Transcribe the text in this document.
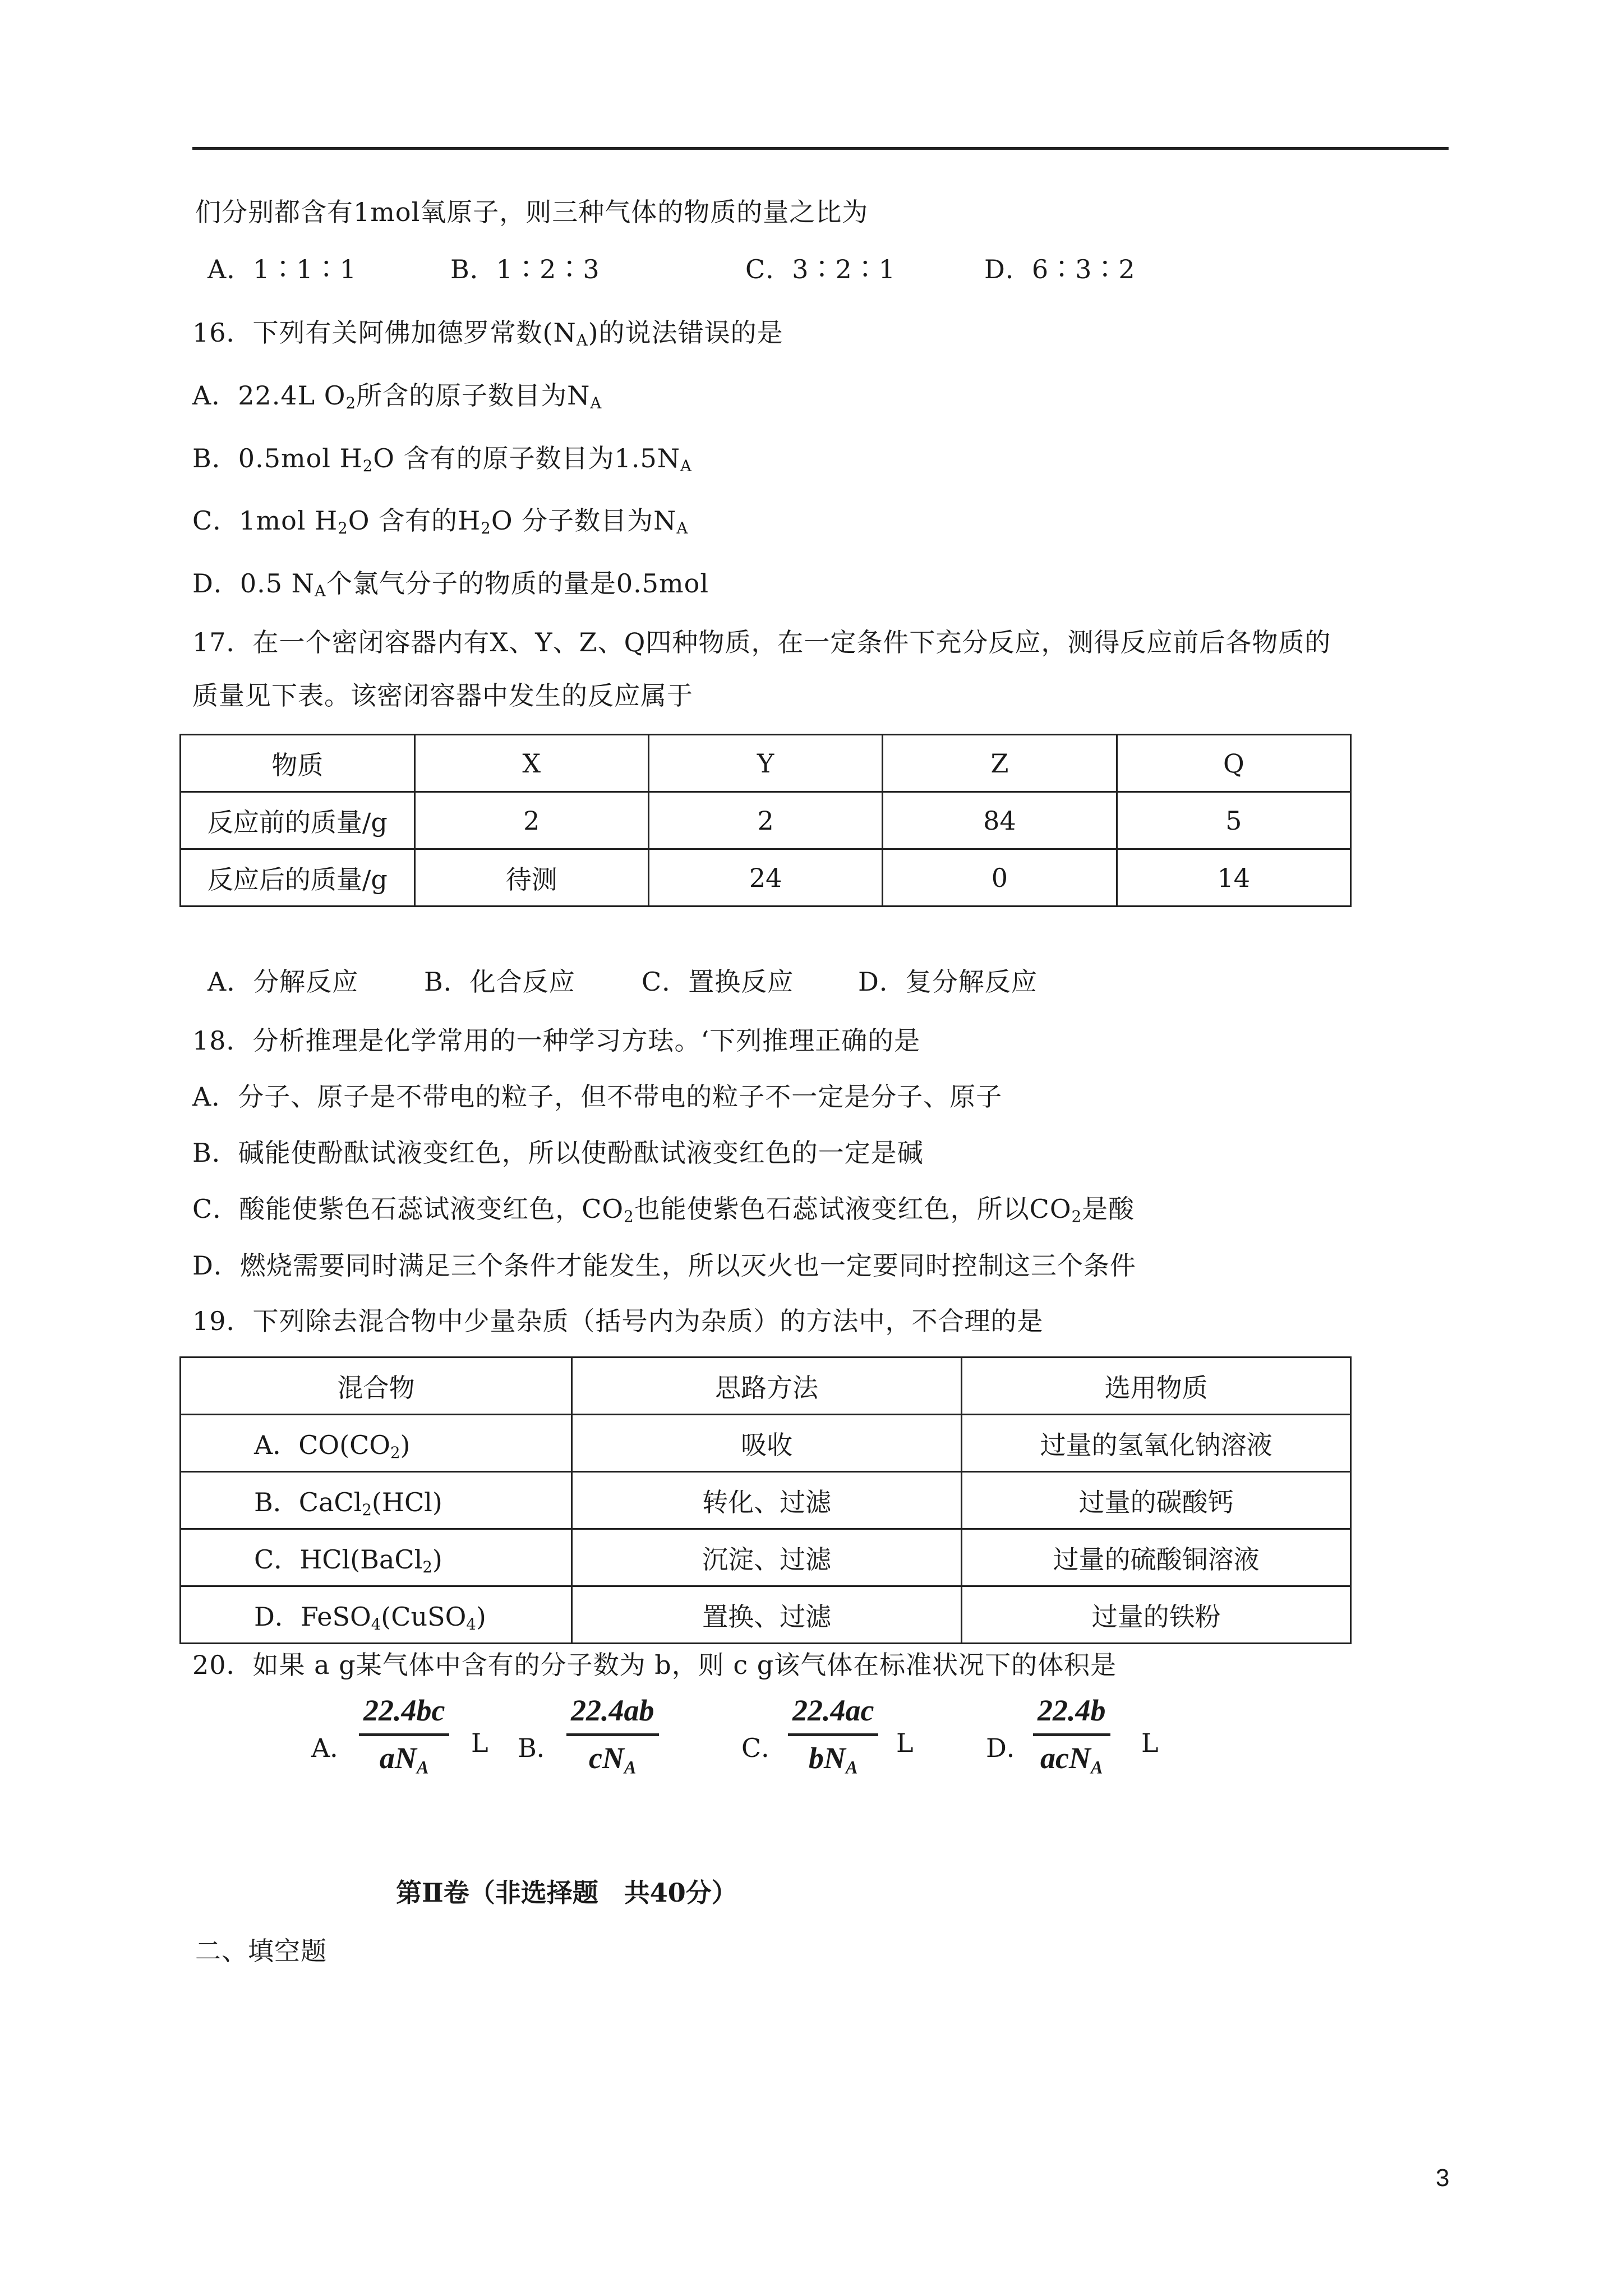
们分别都含有1mol氧原子，则三种气体的物质的量之比为
A．1∶1∶1	B．1∶2∶3	C．3∶2∶1	D．6∶3∶2
16．下列有关阿佛加德罗常数$(N_A)$的说法错误的是
A．22.4L $O_2$所含的原子数目为$N_A$
B．0.5mol $H_2O$ 含有的原子数目为$1.5N_A$
C．1mol $H_2O$ 含有的$H_2O$ 分子数目为$N_A$
D．0.5 $N_A$个氯气分子的物质的量是0.5mol
17．在一个密闭容器内有X、Y、Z、Q四种物质，在一定条件下充分反应，测得反应前后各物质的
质量见下表。该密闭容器中发生的反应属于
物质	X	Y	Z	Q
反应前的质量/g	2	2	84	5
反应后的质量/g	待测	24	0	14
A．分解反应	B．化合反应	C．置换反应 D．复分解反应
18．分析推理是化学常用的一种学习方珐。‘下列推理正确的是
A．分子、原子是不带电的粒子，但不带电的粒子不一定是分子、原子
B．碱能使酚酞试液变红色，所以使酚酞试液变红色的一定是碱
C．酸能使紫色石蕊试液变红色，$CO_2$也能使紫色石蕊试液变红色，所以$CO_2$是酸
D．燃烧需要同时满足三个条件才能发生，所以灭火也一定要同时控制这三个条件
19．下列除去混合物中少量杂质（括号内为杂质）的方法中，不合理的是
混合物	思路方法	选用物质
A．$CO(CO_2)$	吸收	过量的氢氧化钠溶液
B．CaCl$_2$(HCl)	转化、过滤	过量的碳酸钙
C．HCl(BaCl$_2$)	沉淀、过滤	过量的硫酸铜溶液
D．FeSO$_4$(CuSO$_4$)	置换、过滤	过量的铁粉
20．如果 a g某气体中含有的分子数为 b，则 c g该气体在标准状况下的体积是
A．
22.4bc
$aN_A$
L B．
22.4ab
$cN_A$
C．
22.4ac
$bN_A$
L	D．
22.4b
acN$_A$
L
第Ⅱ卷（非选择题　共40分）
二、填空题
3
